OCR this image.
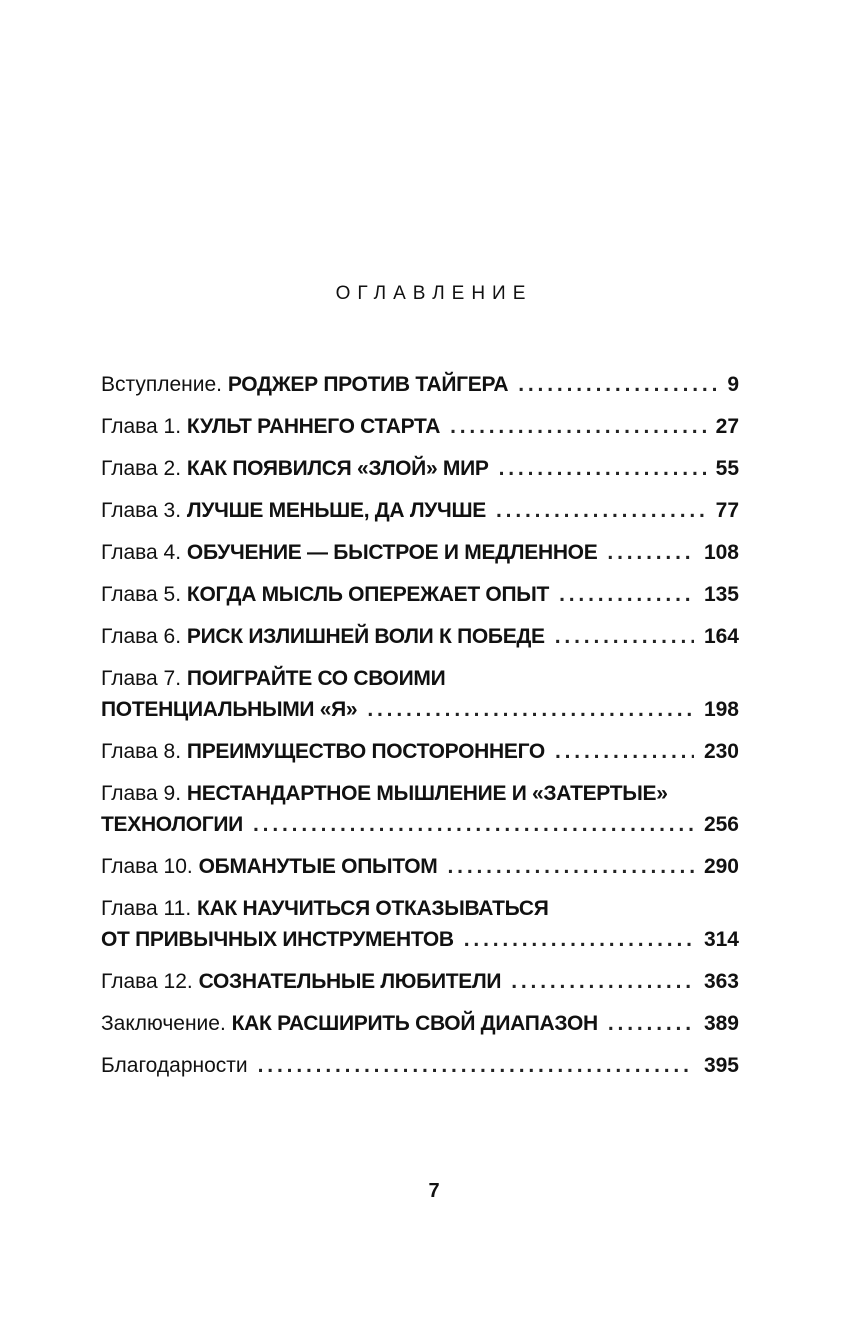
ОГЛАВЛЕНИЕ
Вступление. РОДЖЕР ПРОТИВ ТАЙГЕРА . . .	9
Глава 1. КУЛЬТ РАННЕГО СТАРТА . . .	27
Глава 2. КАК ПОЯВИЛСЯ «ЗЛОЙ» МИР . . .	55
Глава 3. ЛУЧШЕ МЕНЬШЕ, ДА ЛУЧШЕ . . .	77
Глава 4. ОБУЧЕНИЕ — БЫСТРОЕ И МЕДЛЕННОЕ . . .	108
Глава 5. КОГДА МЫСЛЬ ОПЕРЕЖАЕТ ОПЫТ . . .	135
Глава 6. РИСК ИЗЛИШНЕЙ ВОЛИ К ПОБЕДЕ . . .	164
Глава 7. ПОИГРАЙТЕ СО СВОИМИ
ПОТЕНЦИАЛЬНЫМИ «Я» . . .	198
Глава 8. ПРЕИМУЩЕСТВО ПОСТОРОННЕГО . . .	230
Глава 9. НЕСТАНДАРТНОЕ МЫШЛЕНИЕ И «ЗАТЕРТЫЕ»
ТЕХНОЛОГИИ . . .	256
Глава 10. ОБМАНУТЫЕ ОПЫТОМ . . .	290
Глава 11. КАК НАУЧИТЬСЯ ОТКАЗЫВАТЬСЯ
ОТ ПРИВЫЧНЫХ ИНСТРУМЕНТОВ . . .	314
Глава 12. СОЗНАТЕЛЬНЫЕ ЛЮБИТЕЛИ . . .	363
Заключение. КАК РАСШИРИТЬ СВОЙ ДИАПАЗОН . . .	389
Благодарности . . .	395
7
